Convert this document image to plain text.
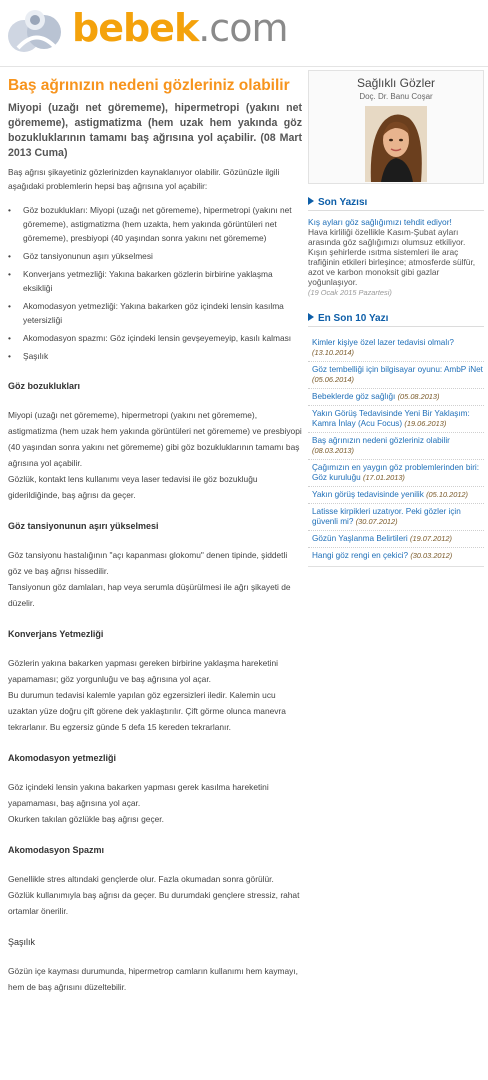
bebek.com
Baş ağrınızın nedeni gözleriniz olabilir

Miyopi (uzağı net görememe), hipermetropi (yakını net görememe), astigmatizma (hem uzak hem yakında göz bozukluklarının tamamı baş ağrısına yol açabilir. (08 Mart 2013 Cuma)

Baş ağrısı şikayetiniz gözlerinizden kaynaklanıyor olabilir. Gözünüzle ilgili aşağıdaki problemlerin hepsi baş ağrısına yol açabilir:

• Göz bozuklukları: Miyopi (uzağı net görememe), hipermetropi (yakını net görememe), astigmatizma (hem uzakta, hem yakında görüntüleri net görememe), presbiyopi (40 yaşından sonra yakını net görememe)
• Göz tansiyonunun aşırı yükselmesi
• Konverjans yetmezliği: Yakına bakarken gözlerin birbirine yaklaşma eksikliği
• Akomodasyon yetmezliği: Yakına bakarken göz içindeki lensin kasılma yetersizliği
• Akomodasyon spazmı: Göz içindeki lensin gevşeyemeyip, kasılı kalması
• Şaşılık
Göz bozuklukları

Miyopi (uzağı net görememe), hipermetropi (yakını net görememe), astigmatizma (hem uzak hem yakında görüntüleri net görememe) ve presbiyopi (40 yaşından sonra yakını net görememe) gibi göz bozukluklarının tamamı baş ağrısına yol açabilir.

Gözlük, kontakt lens kullanımı veya laser tedavisi ile göz bozukluğu giderildiğinde, baş ağrısı da geçer.

Göz tansiyonunun aşırı yükselmesi

Göz tansiyonu hastalığının "açı kapanması glokomu" denen tipinde, şiddetli göz ve baş ağrısı hissedilir.

Tansiyonun göz damlaları, hap veya serumla düşürülmesi ile ağrı şikayeti de düzelir.

Konverjans Yetmezliği

Gözlerin yakına bakarken yapması gereken birbirine yaklaşma hareketini yapamaması; göz yorgunluğu ve baş ağrısına yol açar.

Bu durumun tedavisi kalemle yapılan göz egzersizleri iledir. Kalemin ucu uzaktan yüze doğru çift görene dek yaklaştırılır. Çift görme olunca manevra tekrarlanır. Bu egzersiz günde 5 defa 15 kereden tekrarlanır.

Akomodasyon yetmezliği

Göz içindeki lensin yakına bakarken yapması gerek kasılma hareketini yapamaması, baş ağrısına yol açar.

Okurken takılan gözlükle baş ağrısı geçer.

Akomodasyon Spazmı

Genellikle stres altındaki gençlerde olur. Fazla okumadan sonra görülür.

Gözlük kullanımıyla baş ağrısı da geçer. Bu durumdaki gençlere stressiz, rahat ortamlar önerilir.

Şaşılık

Gözün içe kayması durumunda, hipermetrop camların kullanımı hem kaymayı, hem de baş ağrısını düzeltebilir.

Sağlıklı Gözler
Doç. Dr. Banu Coşar
Son Yazısı
Kış ayları göz sağlığımızı tehdit ediyor!
Hava kirliliği özellikle Kasım-Şubat ayları arasında göz sağlığımızı olumsuz etkiliyor. Kışın şehirlerde ısıtma sistemleri ile araç trafiğinin etkileri birleşince; atmosferde sülfür, azot ve karbon monoksit gibi gazlar yoğunlaşıyor.
(19 Ocak 2015 Pazartesi)
En Son 10 Yazı
Kimler kişiye özel lazer tedavisi olmalı? (13.10.2014)
Göz tembelliği için bilgisayar oyunu: AmbP iNet (05.06.2014)
Bebeklerde göz sağlığı (05.08.2013)
Yakın Görüş Tedavisinde Yeni Bir Yaklaşım: Kamra İnlay (Acu Focus) (19.06.2013)
Baş ağrınızın nedeni gözleriniz olabilir (08.03.2013)
Çağımızın en yaygın göz problemlerinden biri: Göz kuruluğu (17.01.2013)
Yakın görüş tedavisinde yenilik (05.10.2012)
Latisse kirpikleri uzatıyor. Peki gözler için güvenli mi? (30.07.2012)
Gözün Yaşlanma Belirtileri (19.07.2012)
Hangi göz rengi en çekici? (30.03.2012)
